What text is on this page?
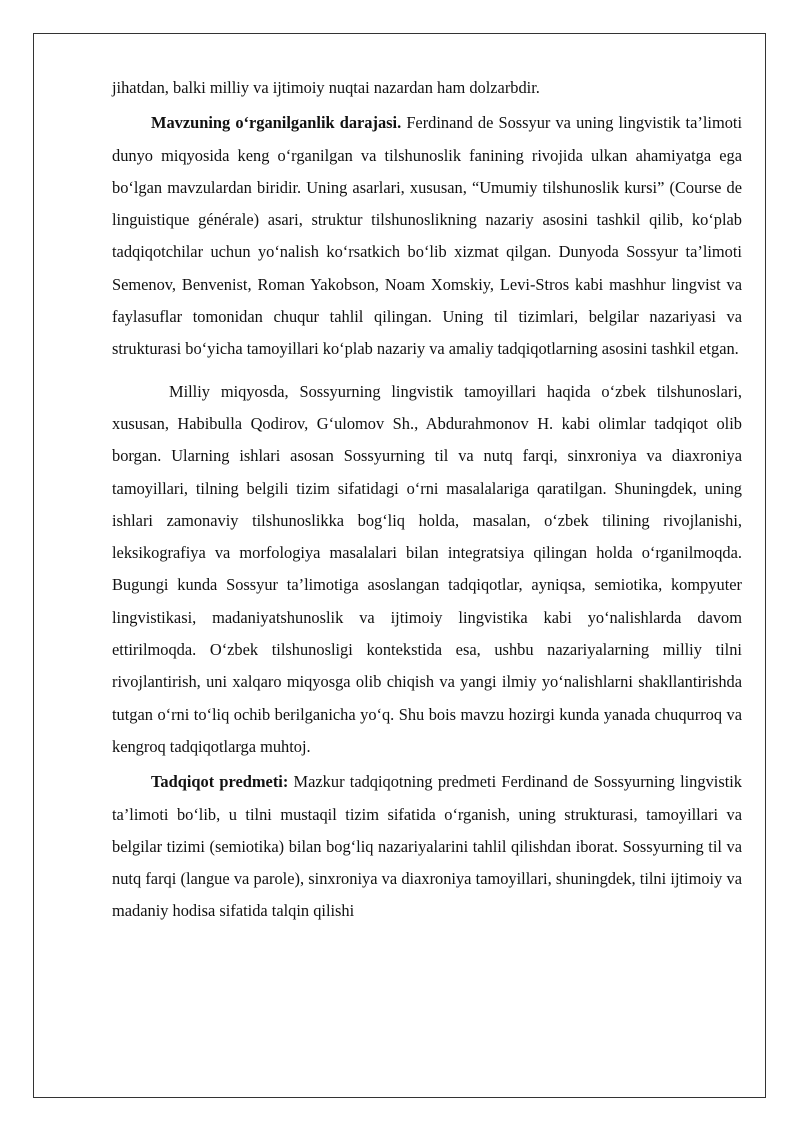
jihatdan, balki milliy va ijtimoiy nuqtai nazardan ham dolzarbdir.

Mavzuning o‘rganilganlik darajasi. Ferdinand de Sossyur va uning lingvistik ta’limoti dunyo miqyosida keng o‘rganilgan va tilshunoslik fanining rivojida ulkan ahamiyatga ega bo‘lgan mavzulardan biridir. Uning asarlari, xususan, “Umumiy tilshunoslik kursi” (Course de linguistique générale) asari, struktur tilshunoslikning nazariy asosini tashkil qilib, ko‘plab tadqiqotchilar uchun yo‘nalish ko‘rsatkich bo‘lib xizmat qilgan. Dunyoda Sossyur ta’limoti Semenov, Benvenist, Roman Yakobson, Noam Xomskiy, Levi-Stros kabi mashhur lingvist va faylasuflar tomonidan chuqur tahlil qilingan. Uning til tizimlari, belgilar nazariyasi va strukturasi bo‘yicha tamoyillari ko‘plab nazariy va amaliy tadqiqotlarning asosini tashkil etgan.

Milliy miqyosda, Sossyurning lingvistik tamoyillari haqida o‘zbek tilshunoslari, xususan, Habibulla Qodirov, G‘ulomov Sh., Abdurahmonov H. kabi olimlar tadqiqot olib borgan. Ularning ishlari asosan Sossyurning til va nutq farqi, sinxroniya va diaxroniya tamoyillari, tilning belgili tizim sifatidagi o‘rni masalalariga qaratilgan. Shuningdek, uning ishlari zamonaviy tilshunoslikka bog‘liq holda, masalan, o‘zbek tilining rivojlanishi, leksikografiya va morfologiya masalalari bilan integratsiya qilingan holda o‘rganilmoqda. Bugungi kunda Sossyur ta’limotiga asoslangan tadqiqotlar, ayniqsa, semiotika, kompyuter lingvistikasi, madaniyatshunoslik va ijtimoiy lingvistika kabi yo‘nalishlarda davom ettirilmoqda. O‘zbek tilshunosligi kontekstida esa, ushbu nazariyalarning milliy tilni rivojlantirish, uni xalqaro miqyosga olib chiqish va yangi ilmiy yo‘nalishlarni shakllantirishda tutgan o‘rni to‘liq ochib berilganicha yo‘q. Shu bois mavzu hozirgi kunda yanada chuqurroq va kengroq tadqiqotlarga muhtoj.

Tadqiqot predmeti: Mazkur tadqiqotning predmeti Ferdinand de Sossyurning lingvistik ta’limoti bo‘lib, u tilni mustaqil tizim sifatida o‘rganish, uning strukturasi, tamoyillari va belgilar tizimi (semiotika) bilan bog‘liq nazariyalarini tahlil qilishdan iborat. Sossyurning til va nutq farqi (langue va parole), sinxroniya va diaxroniya tamoyillari, shuningdek, tilni ijtimoiy va madaniy hodisa sifatida talqin qilishi
